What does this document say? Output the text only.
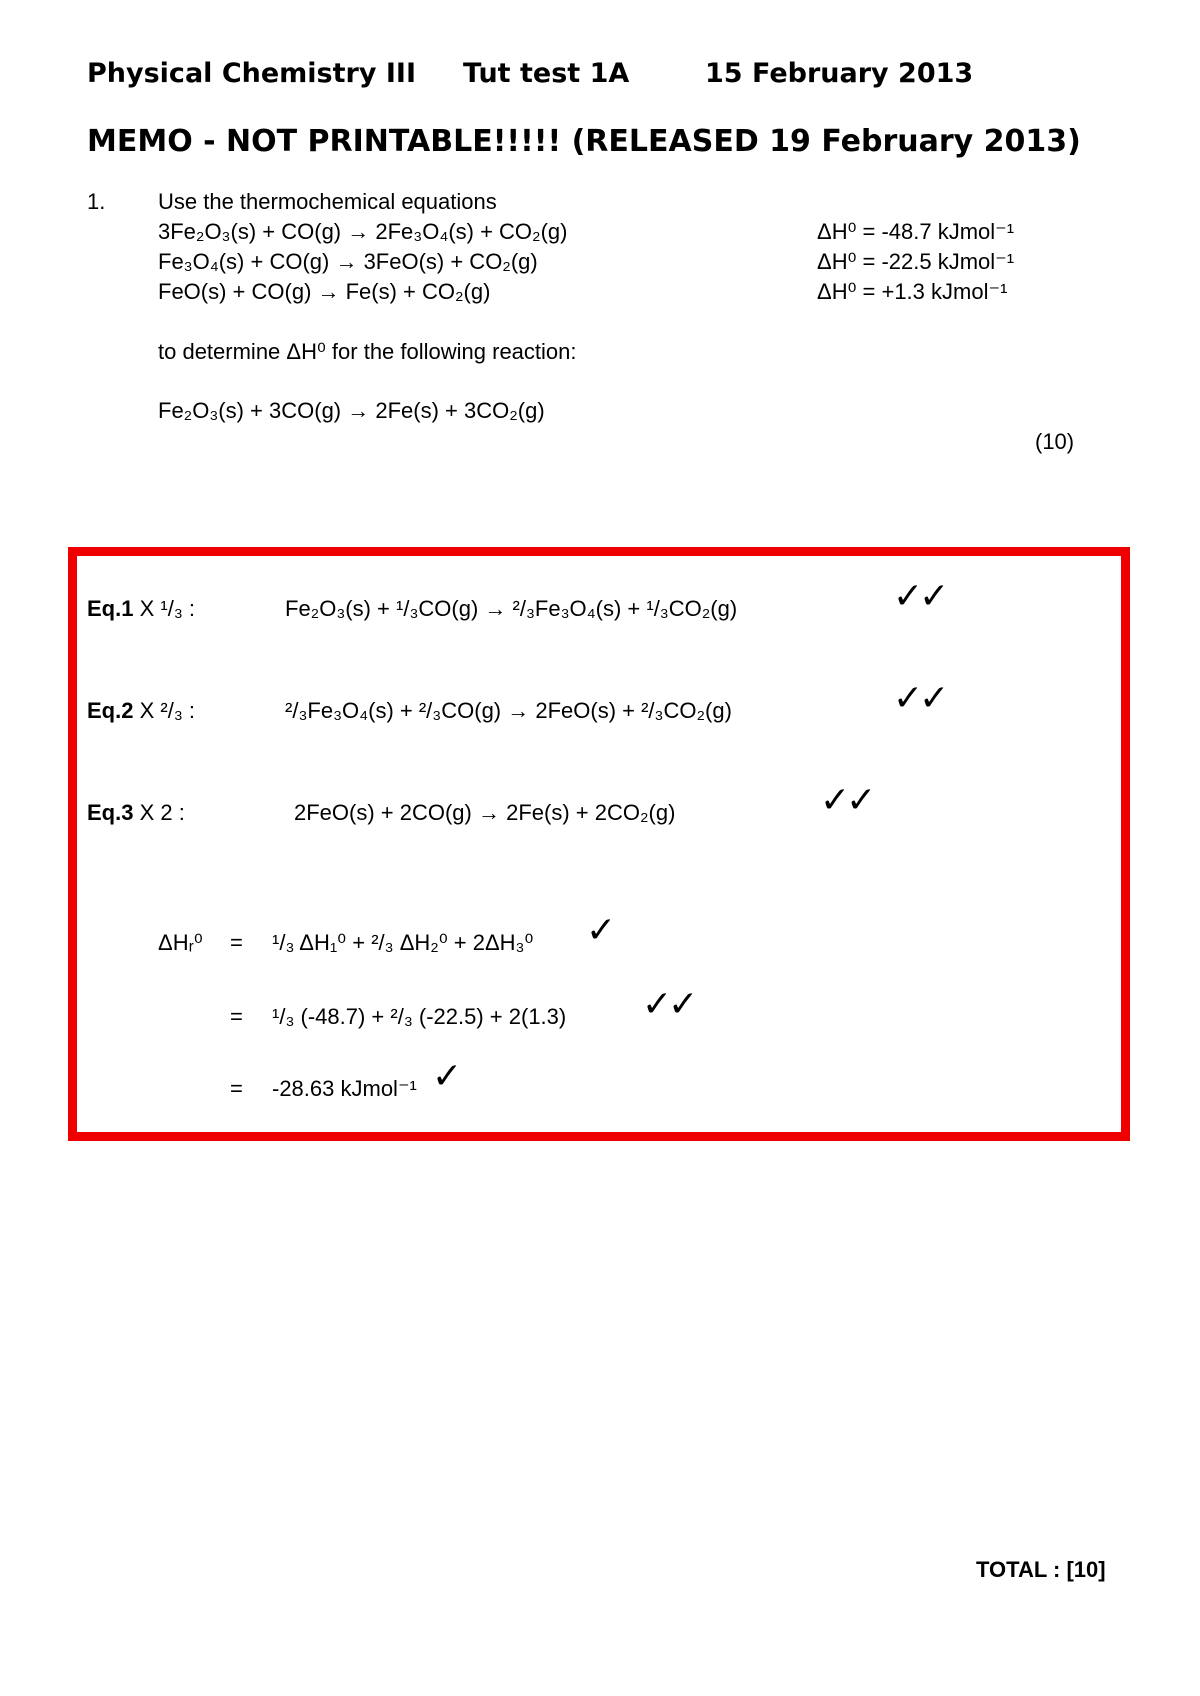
Physical Chemistry III Tut test 1A	15 February 2013
MEMO - NOT PRINTABLE!!!!! (RELEASED 19 February 2013)
1. Use the thermochemical equations
3Fe₂O₃(s) + CO(g) → 2Fe₃O₄(s) + CO₂(g)	ΔH⁰ = -48.7 kJmol⁻¹
Fe₃O₄(s) + CO(g) → 3FeO(s) + CO₂(g)	ΔH⁰ = -22.5 kJmol⁻¹
FeO(s) + CO(g) → Fe(s) + CO₂(g)	ΔH⁰ = +1.3 kJmol⁻¹
to determine ΔH⁰ for the following reaction:
Fe₂O₃(s) + 3CO(g) → 2Fe(s) + 3CO₂(g)
(10)
Eq.1 X ¹/₃ :	Fe₂O₃(s) + ¹/₃CO(g) → ²/₃Fe₃O₄(s) + ¹/₃CO₂(g)	✓✓
Eq.2 X ²/₃ :	²/₃Fe₃O₄(s) + ²/₃CO(g) → 2FeO(s) + ²/₃CO₂(g)	✓✓
Eq.3 X 2 :	2FeO(s) + 2CO(g) → 2Fe(s) + 2CO₂(g)	✓✓
ΔHᵣ⁰ = ¹/₃ ΔH₁⁰ + ²/₃ ΔH₂⁰ + 2ΔH₃⁰ ✓
= ¹/₃ (-48.7) + ²/₃ (-22.5) + 2(1.3) ✓✓
= -28.63 kJmol⁻¹ ✓
TOTAL : [10]
